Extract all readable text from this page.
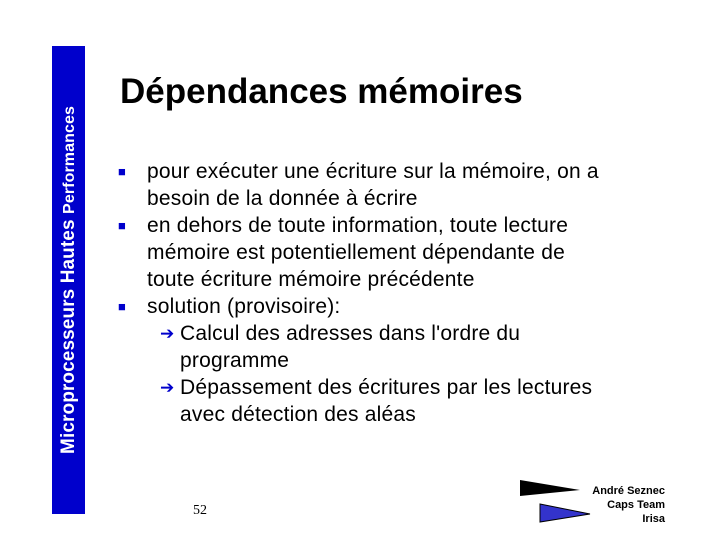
Microprocesseurs Hautes Performances
Dépendances mémoires
■ pour exécuter une écriture sur la mémoire, on a
besoin de la donnée à écrire
■ en dehors de toute information, toute lecture
mémoire est potentiellement dépendante de
toute écriture mémoire précédente
■ solution (provisoire):
➔ Calcul des adresses dans l'ordre du
programme
➔ Dépassement des écritures par les lectures
avec détection des aléas
52
André Seznec
Caps Team
Irisa
